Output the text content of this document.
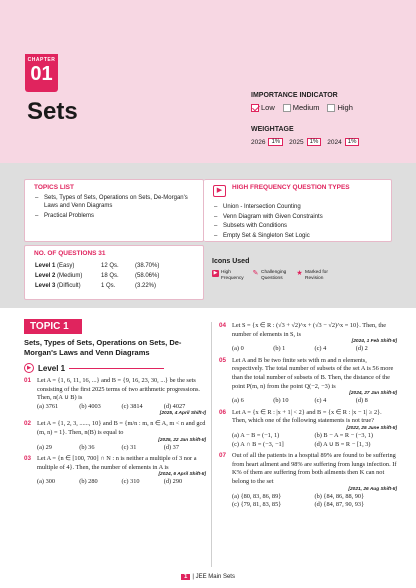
CHAPTER
01
Sets
IMPORTANCE INDICATOR
Low Medium High
WEIGHTAGE
2026	1%	2025	1%	2024	1%
TOPICS LIST
– Sets, Types of Sets, Operations on Sets, De-Morgan's Laws and Venn Diagrams
– Practical Problems
▶	HIGH FREQUENCY QUESTION TYPES
– Union - Intersection Counting
– Venn Diagram with Given Constraints
– Subsets with Conditions
– Empty Set & Singleton Set Logic
NO. OF QUESTIONS 31
Level 1 (Easy)	12 Qs.	(38.70%)
Level 2 (Medium)	18 Qs.	(58.06%)
Level 3 (Difficult)	1 Qs.	(3.22%)
Icons Used
▶ High Frequency
✎ Challenging Questions
★ Marked for Revision
TOPIC 1
Sets, Types of Sets, Operations on Sets, De-Morgan's Laws and Venn Diagrams
▶ Level 1
01 Let A = {1, 6, 11, 16, ...} and B = {9, 16, 23, 30, ...} be the sets consisting of the first 2025 terms of two arithmetic progressions. Then, n(A ∪ B) is
(a) 3761	(b) 4003	(c) 3814	(d) 4027
[2025, 4 April Shift-I]
02 Let A = {1, 2, 3, ......, 10} and B = {m/n : m, n ∈ A, m < n and gcd (m, n) = 1}. Then, n(B) is equal to
[2025, 22 Jan Shift-II]
(a) 29	(b) 36	(c) 31	(d) 37
03 Let A = {n ∈ [100, 700] ∩ N : n is neither a multiple of 3 nor a multiple of 4}. Then, the number of elements in A is
[2024, 6 April Shift-II]
(a) 300	(b) 280	(c) 310	(d) 290
04 Let S = {x ∈ R : (√3 + √2)^x + (√3 − √2)^x = 10}. Then, the number of elements in S, is
[2024, 1 Feb Shift-II]
(a) 0	(b) 1	(c) 4	(d) 2
05 Let A and B be two finite sets with m and n elements, respectively. The total number of subsets of the set A is 56 more than the total number of subsets of B. Then, the distance of the point P(m, n) from the point Q(−2, −3) is
[2024, 27 Jan Shift-II]
(a) 6	(b) 10	(c) 4	(d) 8
06 Let A = {x ∈ R : |x + 1| < 2} and B = {x ∈ R : |x − 1| ≥ 2}. Then, which one of the following statements is not true?
[2022, 25 June Shift-II]
(a) A − B = (−1, 1)	(b) B − A = R − (−3, 1)
(c) A ∩ B = (−3, −1]	(d) A ∪ B = R − [1, 3)
07 Out of all the patients in a hospital 89% are found to be suffering from heart ailment and 98% are suffering from lungs infection. If K% of them are suffering from both ailments then K can not belong to the set
[2021, 26 Aug Shift-II]
(a) {80, 83, 86, 89}	(b) {84, 86, 88, 90}
(c) {79, 81, 83, 85}	(d) {84, 87, 90, 93}
1 | JEE Main Sets
